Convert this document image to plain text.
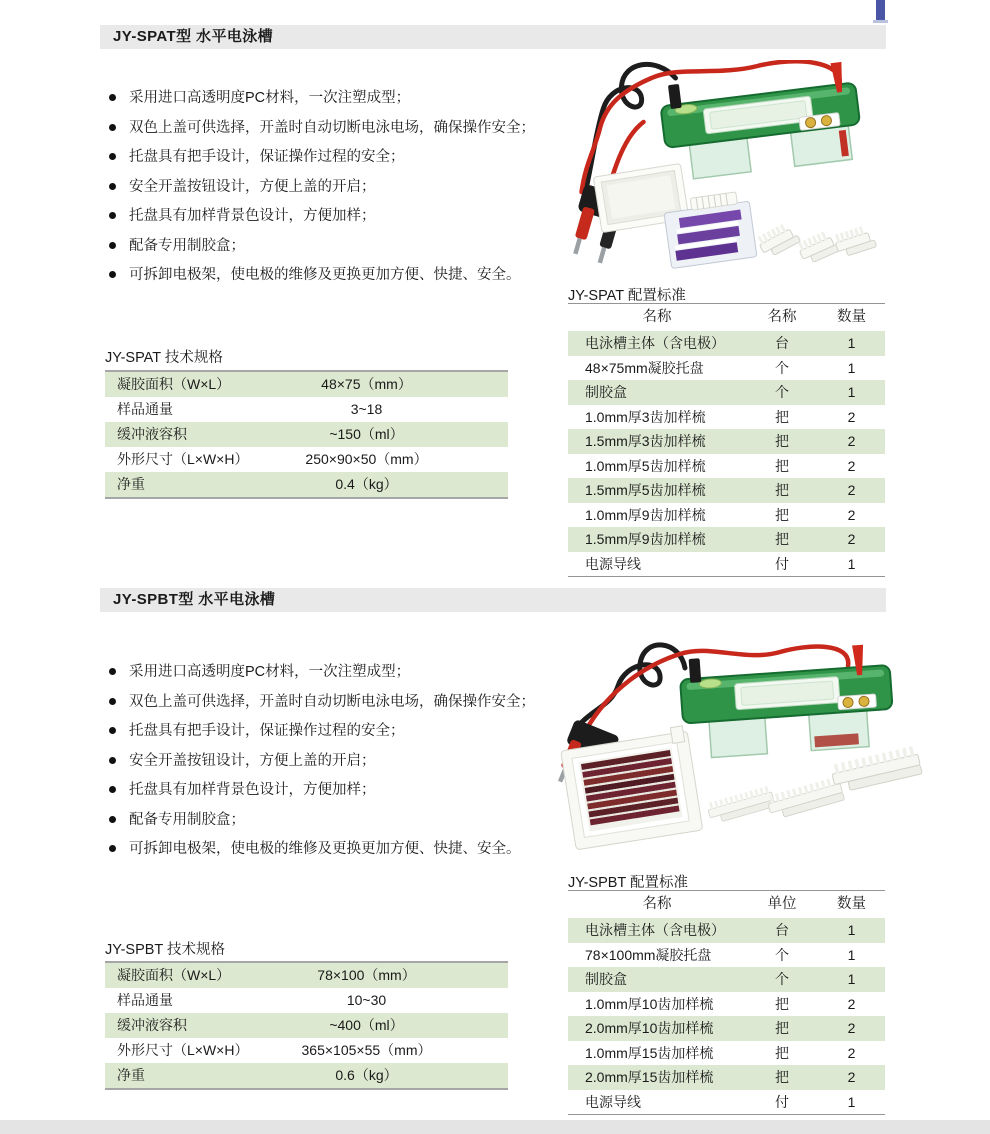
JY-SPAT型 水平电泳槽
采用进口高透明度PC材料，一次注塑成型；
双色上盖可供选择，开盖时自动切断电泳电场，确保操作安全；
托盘具有把手设计，保证操作过程的安全；
安全开盖按钮设计，方便上盖的开启；
托盘具有加样背景色设计，方便加样；
配备专用制胶盒；
可拆卸电极架，使电极的维修及更换更加方便、快捷、安全。
JY-SPAT 技术规格
凝胶面积（W×L）	48×75（mm）
样品通量	3~18
缓冲液容积	~150（ml）
外形尺寸（L×W×H）	250×90×50（mm）
净重	0.4（kg）
JY-SPAT 配置标准
名称	名称	数量
电泳槽主体（含电极）	台	1
48×75mm凝胶托盘	个	1
制胶盒	个	1
1.0mm厚3齿加样梳	把	2
1.5mm厚3齿加样梳	把	2
1.0mm厚5齿加样梳	把	2
1.5mm厚5齿加样梳	把	2
1.0mm厚9齿加样梳	把	2
1.5mm厚9齿加样梳	把	2
电源导线	付	1
JY-SPBT型 水平电泳槽
采用进口高透明度PC材料，一次注塑成型；
双色上盖可供选择，开盖时自动切断电泳电场，确保操作安全；
托盘具有把手设计，保证操作过程的安全；
安全开盖按钮设计，方便上盖的开启；
托盘具有加样背景色设计，方便加样；
配备专用制胶盒；
可拆卸电极架，使电极的维修及更换更加方便、快捷、安全。
JY-SPBT 技术规格
凝胶面积（W×L）	78×100（mm）
样品通量	10~30
缓冲液容积	~400（ml）
外形尺寸（L×W×H）	365×105×55（mm）
净重	0.6（kg）
JY-SPBT 配置标准
名称	单位	数量
电泳槽主体（含电极）	台	1
78×100mm凝胶托盘	个	1
制胶盒	个	1
1.0mm厚10齿加样梳	把	2
2.0mm厚10齿加样梳	把	2
1.0mm厚15齿加样梳	把	2
2.0mm厚15齿加样梳	把	2
电源导线	付	1
